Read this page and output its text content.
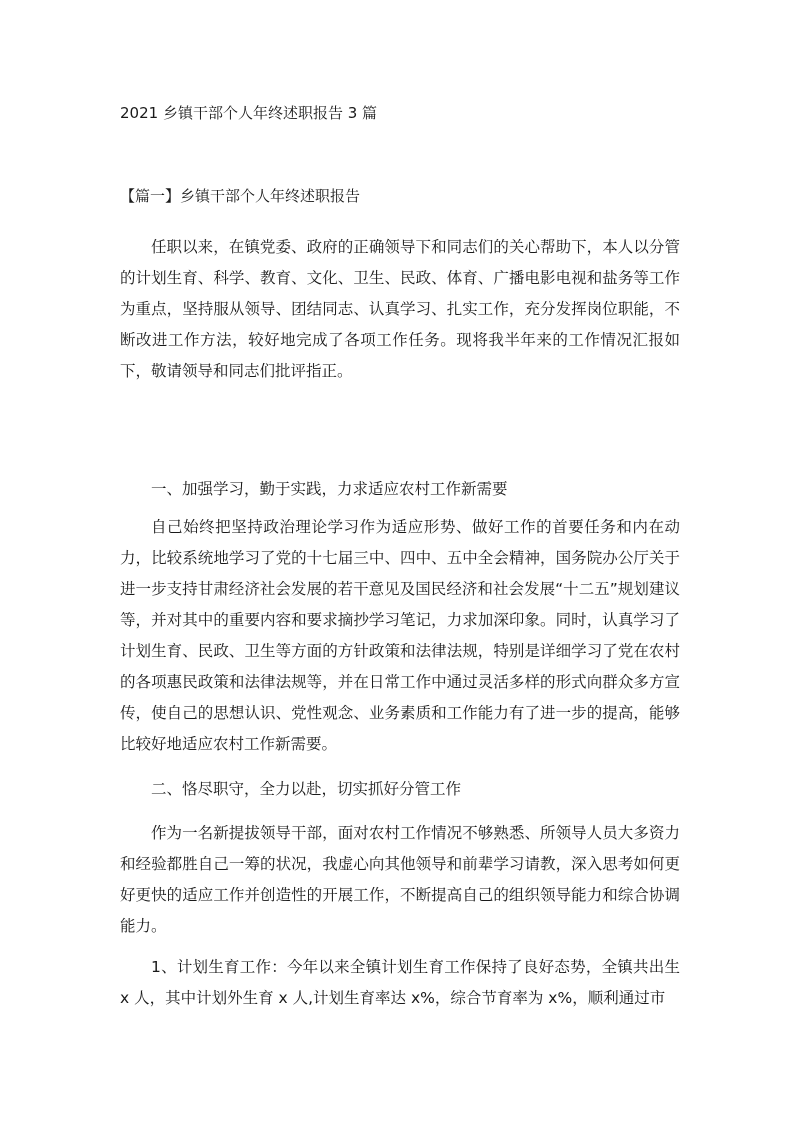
2021 乡镇干部个人年终述职报告 3 篇
【篇一】乡镇干部个人年终述职报告

任职以来，在镇党委、政府的正确领导下和同志们的关心帮助下，本人以分管的计划生育、科学、教育、文化、卫生、民政、体育、广播电影电视和盐务等工作为重点，坚持服从领导、团结同志、认真学习、扎实工作，充分发挥岗位职能，不断改进工作方法，较好地完成了各项工作任务。现将我半年来的工作情况汇报如下，敬请领导和同志们批评指正。

一、加强学习，勤于实践，力求适应农村工作新需要

自己始终把坚持政治理论学习作为适应形势、做好工作的首要任务和内在动力，比较系统地学习了党的十七届三中、四中、五中全会精神，国务院办公厅关于进一步支持甘肃经济社会发展的若干意见及国民经济和社会发展“十二五”规划建议等，并对其中的重要内容和要求摘抄学习笔记，力求加深印象。同时，认真学习了计划生育、民政、卫生等方面的方针政策和法律法规，特别是详细学习了党在农村的各项惠民政策和法律法规等，并在日常工作中通过灵活多样的形式向群众多方宣传，使自己的思想认识、党性观念、业务素质和工作能力有了进一步的提高，能够比较好地适应农村工作新需要。

二、恪尽职守，全力以赴，切实抓好分管工作

作为一名新提拔领导干部，面对农村工作情况不够熟悉、所领导人员大多资力和经验都胜自己一筹的状况，我虚心向其他领导和前辈学习请教，深入思考如何更好更快的适应工作并创造性的开展工作，不断提高自己的组织领导能力和综合协调能力。

1、计划生育工作：今年以来全镇计划生育工作保持了良好态势，全镇共出生 x 人，其中计划外生育 x 人,计划生育率达 x%，综合节育率为 x%，顺利通过市
